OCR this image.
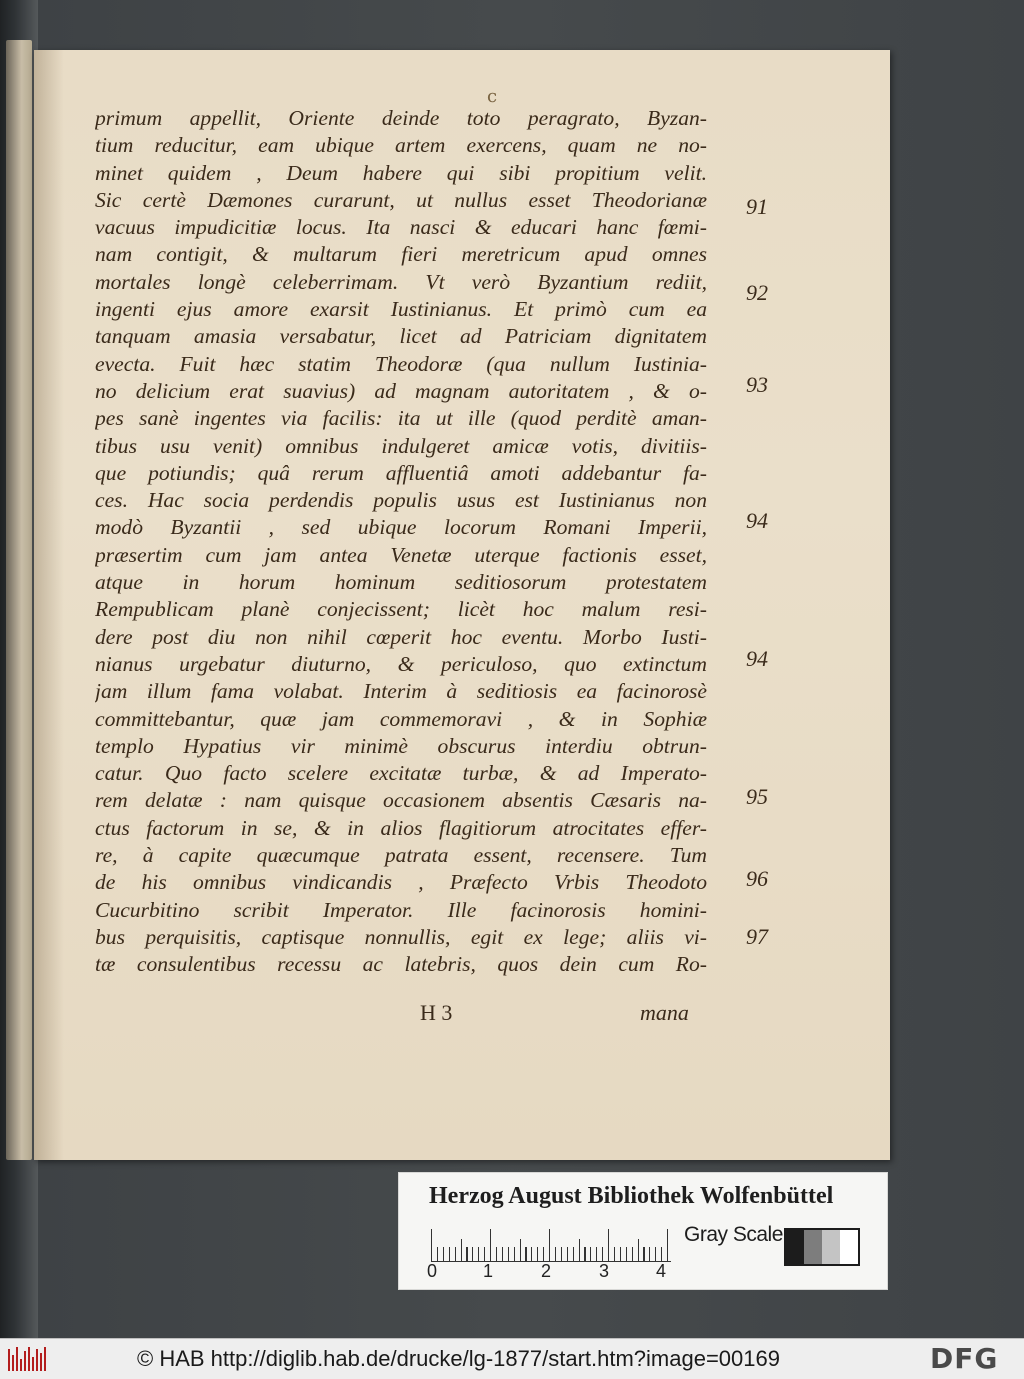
c
primum appellit, Oriente deinde toto peragrato, Byzan-
tium reducitur, eam ubique artem exercens, quam ne no-
minet quidem , Deum habere qui sibi propitium velit.
Sic certè Dæmones curarunt, ut nullus esset Theodorianæ
vacuus impudicitiæ locus. Ita nasci & educari hanc fœmi-
nam contigit, & multarum fieri meretricum apud omnes
mortales longè celeberrimam. Vt verò Byzantium rediit,
ingenti ejus amore exarsit Iustinianus. Et primò cum ea
tanquam amasia versabatur, licet ad Patriciam dignitatem
evecta. Fuit hæc statim Theodoræ (qua nullum Iustinia-
no delicium erat suavius) ad magnam autoritatem , & o-
pes sanè ingentes via facilis: ita ut ille (quod perditè aman-
tibus usu venit) omnibus indulgeret amicæ votis, divitiis-
que potiundis; quâ rerum affluentiâ amoti addebantur fa-
ces. Hac socia perdendis populis usus est Iustinianus non
modò Byzantii , sed ubique locorum Romani Imperii,
præsertim cum jam antea Venetæ uterque factionis esset,
atque in horum hominum seditiosorum protestatem
Rempublicam planè conjecissent; licèt hoc malum resi-
dere post diu non nihil cœperit hoc eventu. Morbo Iusti-
nianus urgebatur diuturno, & periculoso, quo extinctum
jam illum fama volabat. Interim à seditiosis ea facinorosè
committebantur, quæ jam commemoravi , & in Sophiæ
templo Hypatius vir minimè obscurus interdiu obtrun-
catur. Quo facto scelere excitatæ turbæ, & ad Imperato-
rem delatæ : nam quisque occasionem absentis Cæsaris na-
ctus factorum in se, & in alios flagitiorum atrocitates effer-
re, à capite quæcumque patrata essent, recensere. Tum
de his omnibus vindicandis , Præfecto Vrbis Theodoto
Cucurbitino scribit Imperator. Ille facinorosis homini-
bus perquisitis, captisque nonnullis, egit ex lege; aliis vi-
tæ consulentibus recessu ac latebris, quos dein cum Ro-
91
92
93
94
94
95
96
97
H 3	mana
Herzog August Bibliothek Wolfenbüttel
0	1	2	3	4
Gray Scale
© HAB http://diglib.hab.de/drucke/lg-1877/start.htm?image=00169	DFG
